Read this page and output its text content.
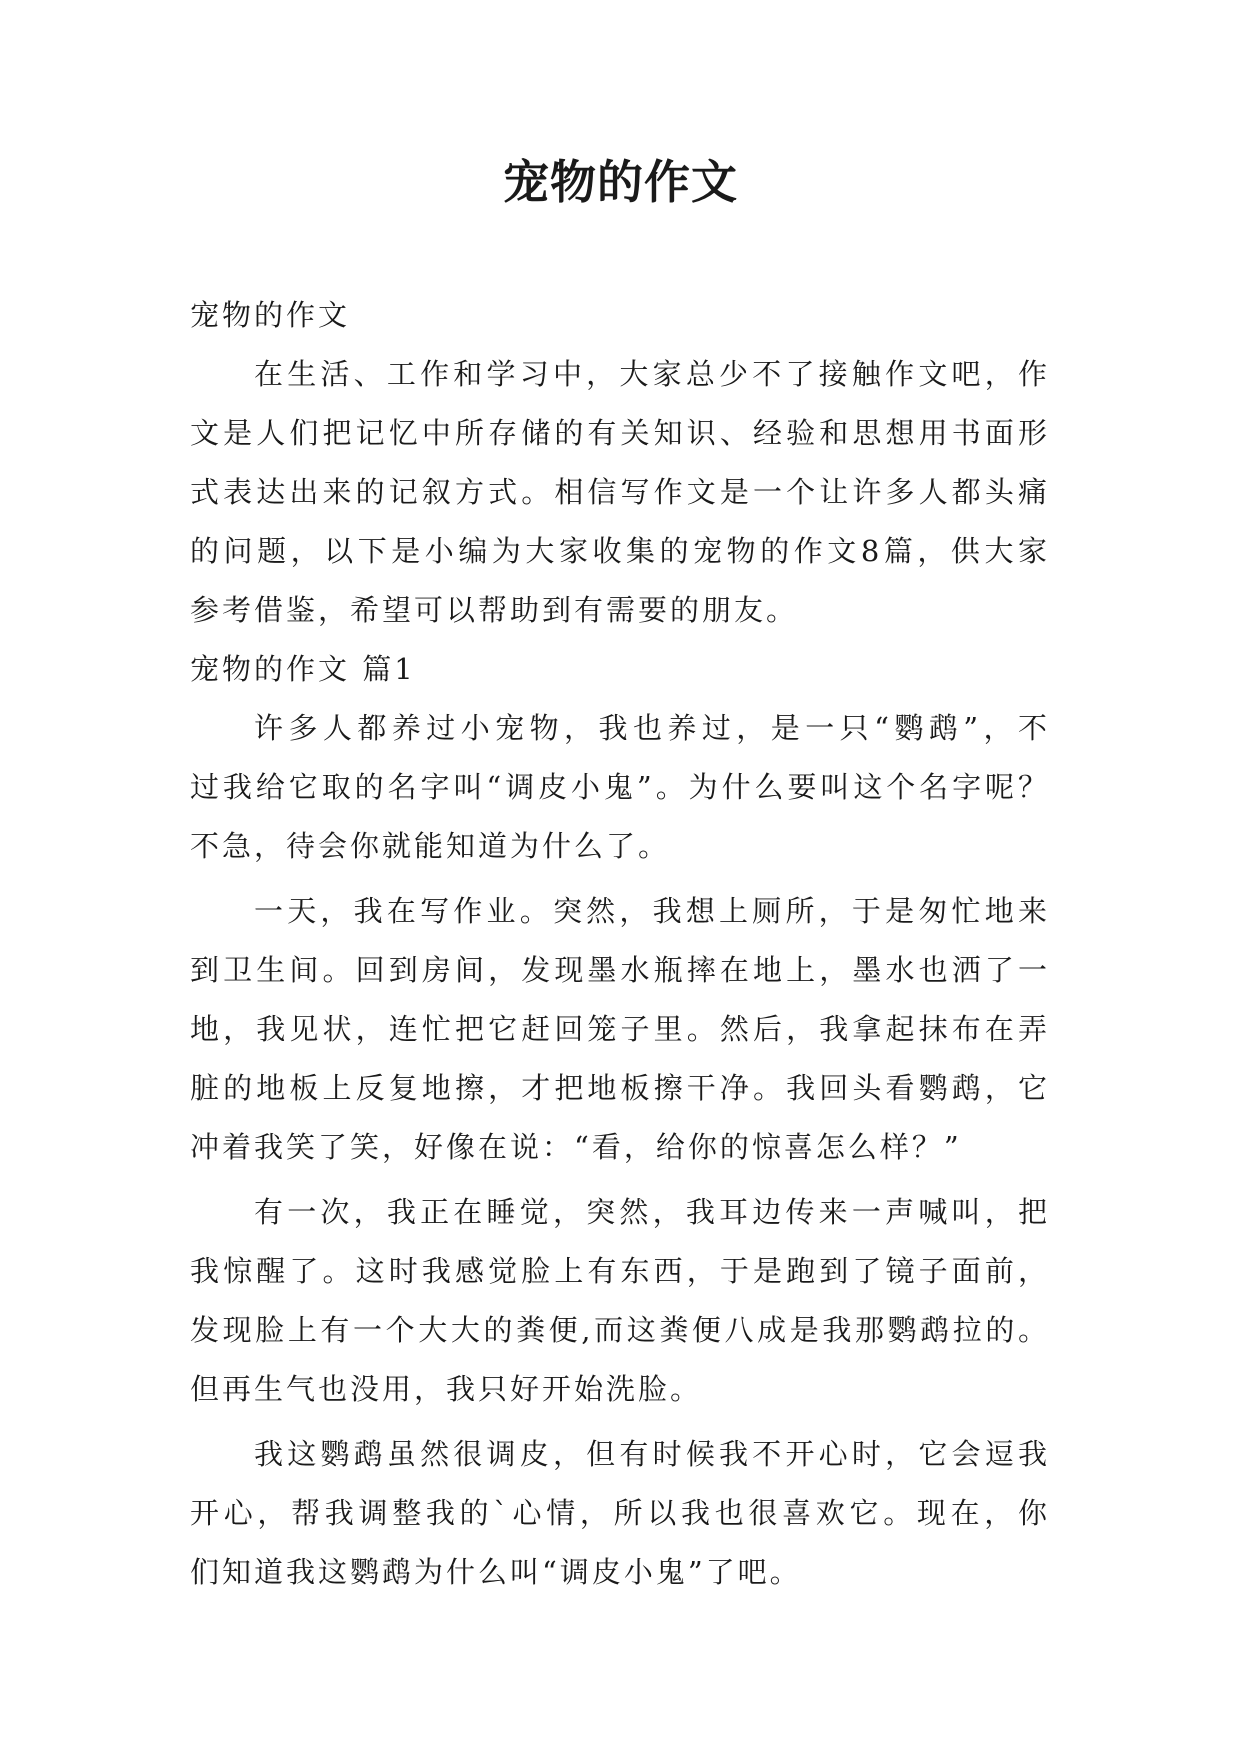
宠物的作文

宠物的作文

在生活、工作和学习中，大家总少不了接触作文吧，作

文是人们把记忆中所存储的有关知识、经验和思想用书面形

式表达出来的记叙方式。相信写作文是一个让许多人都头痛

的问题，以下是小编为大家收集的宠物的作文8篇，供大家

参考借鉴，希望可以帮助到有需要的朋友。

宠物的作文 篇1

许多人都养过小宠物，我也养过，是一只“鹦鹉”，不

过我给它取的名字叫“调皮小鬼”。为什么要叫这个名字呢？

不急，待会你就能知道为什么了。

一天，我在写作业。突然，我想上厕所，于是匆忙地来

到卫生间。回到房间，发现墨水瓶摔在地上，墨水也洒了一

地，我见状，连忙把它赶回笼子里。然后，我拿起抹布在弄

脏的地板上反复地擦，才把地板擦干净。我回头看鹦鹉，它

冲着我笑了笑，好像在说：“看，给你的惊喜怎么样？”

有一次，我正在睡觉，突然，我耳边传来一声喊叫，把

我惊醒了。这时我感觉脸上有东西，于是跑到了镜子面前，

发现脸上有一个大大的粪便,而这粪便八成是我那鹦鹉拉的。

但再生气也没用，我只好开始洗脸。

我这鹦鹉虽然很调皮，但有时候我不开心时，它会逗我

开心，帮我调整我的`心情，所以我也很喜欢它。现在，你

们知道我这鹦鹉为什么叫“调皮小鬼”了吧。
